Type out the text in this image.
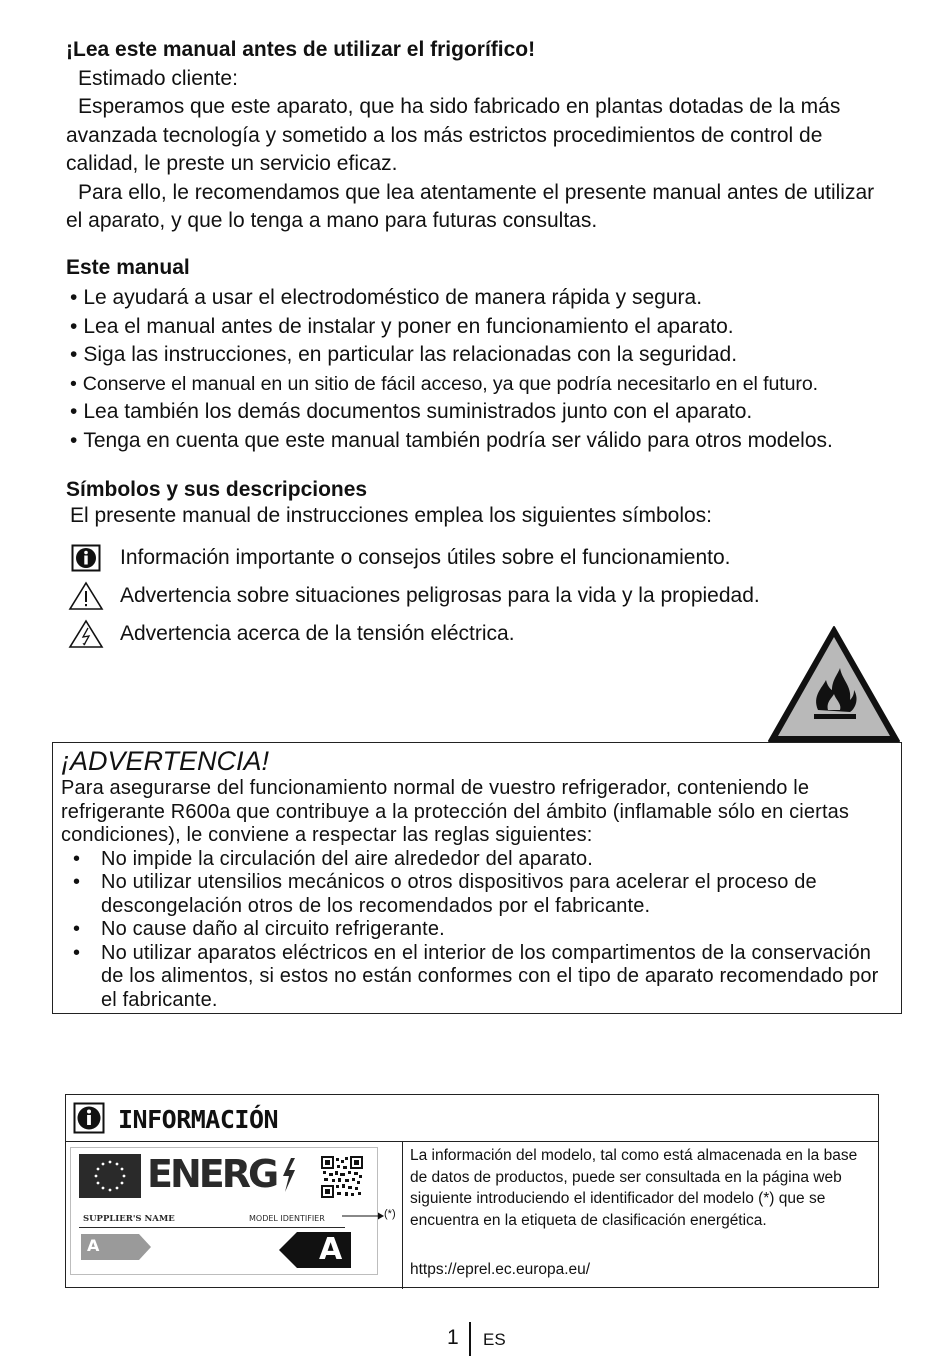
¡Lea este manual antes de utilizar el frigorífico!
Estimado cliente:
Esperamos que este aparato, que ha sido fabricado en plantas dotadas de la más avanzada tecnología y sometido a los más estrictos procedimientos de control de calidad, le preste un servicio eficaz.
Para ello, le recomendamos que lea atentamente el presente manual antes de utilizar el aparato, y que lo tenga a mano para futuras consultas.
Este manual
• Le ayudará a usar el electrodoméstico de manera rápida y segura.
• Lea el manual antes de instalar y poner en funcionamiento el aparato.
• Siga las instrucciones, en particular las relacionadas con la seguridad.
• Conserve el manual en un sitio de fácil acceso, ya que podría necesitarlo en el futuro.
• Lea también los demás documentos suministrados junto con el aparato.
• Tenga en cuenta que este manual también podría ser válido para otros modelos.
Símbolos y sus descripciones
El presente manual de instrucciones emplea los siguientes símbolos:
Información importante o consejos útiles sobre el funcionamiento.
Advertencia sobre situaciones peligrosas para la vida y la propiedad.
Advertencia acerca de la tensión eléctrica.
¡ADVERTENCIA!
Para asegurarse del funcionamiento normal de vuestro refrigerador, conteniendo le refrigerante R600a que contribuye a la protección del ámbito (inflamable sólo en ciertas condiciones), le conviene a respectar las reglas siguientes:
• No impide la circulación del aire alrededor del aparato.
• No utilizar utensilios mecánicos o otros dispositivos para acelerar el proceso de descongelación otros de los recomendados por el fabricante.
• No cause daño al circuito refrigerante.
• No utilizar aparatos eléctricos en el interior de los compartimentos de la conservación de los alimentos, si estos no están conformes con el tipo de aparato recomendado por el fabricante.
INFORMACIÓN
ENERG
SUPPLIER'S NAME	MODEL IDENTIFIER
A	A
(*)
La información del modelo, tal como está almacenada en la base de datos de productos, puede ser consultada en la página web siguiente introduciendo el identificador del modelo (*) que se encuentra en la etiqueta de clasificación energética.
https://eprel.ec.europa.eu/
1 ES
